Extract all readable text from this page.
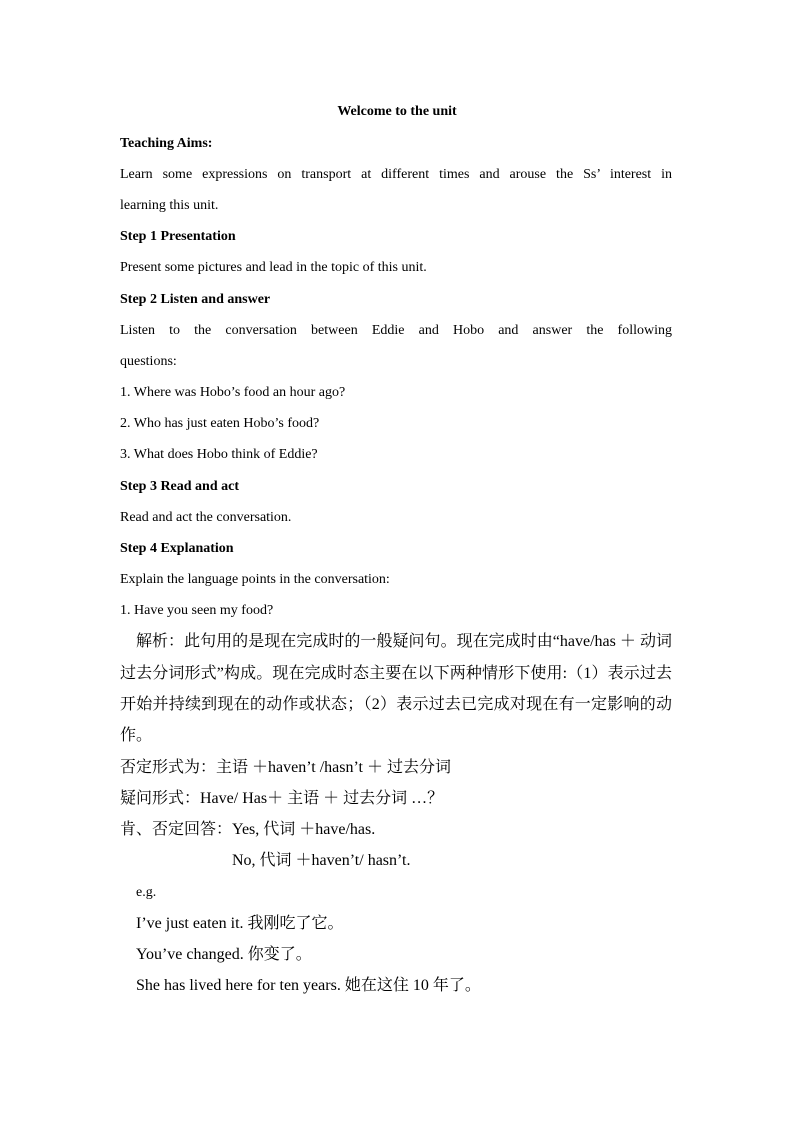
Welcome to the unit
Teaching Aims:
Learn some expressions on transport at different times and arouse the Ss’ interest in
learning this unit.
Step 1 Presentation
Present some pictures and lead in the topic of this unit.
Step 2 Listen and answer
Listen to the conversation between Eddie and Hobo and answer the following
questions:
1. Where was Hobo’s food an hour ago?
2. Who has just eaten Hobo’s food?
3. What does Hobo think of Eddie?
Step 3 Read and act
Read and act the conversation.
Step 4 Explanation
Explain the language points in the conversation:
1. Have you seen my food?
解析：此句用的是现在完成时的一般疑问句。现在完成时由“have/has ＋ 动词
过去分词形式”构成。现在完成时态主要在以下两种情形下使用:（1）表示过去
开始并持续到现在的动作或状态；（2）表示过去已完成对现在有一定影响的动
作。
否定形式为：主语 ＋haven’t /hasn’t ＋ 过去分词
疑问形式：Have/ Has＋ 主语 ＋ 过去分词 …？
肯、否定回答：Yes, 代词 ＋have/has.
No, 代词 ＋haven’t/ hasn’t.
e.g.
I’ve just eaten it. 我刚吃了它。
You’ve changed. 你变了。
She has lived here for ten years. 她在这住 10 年了。
